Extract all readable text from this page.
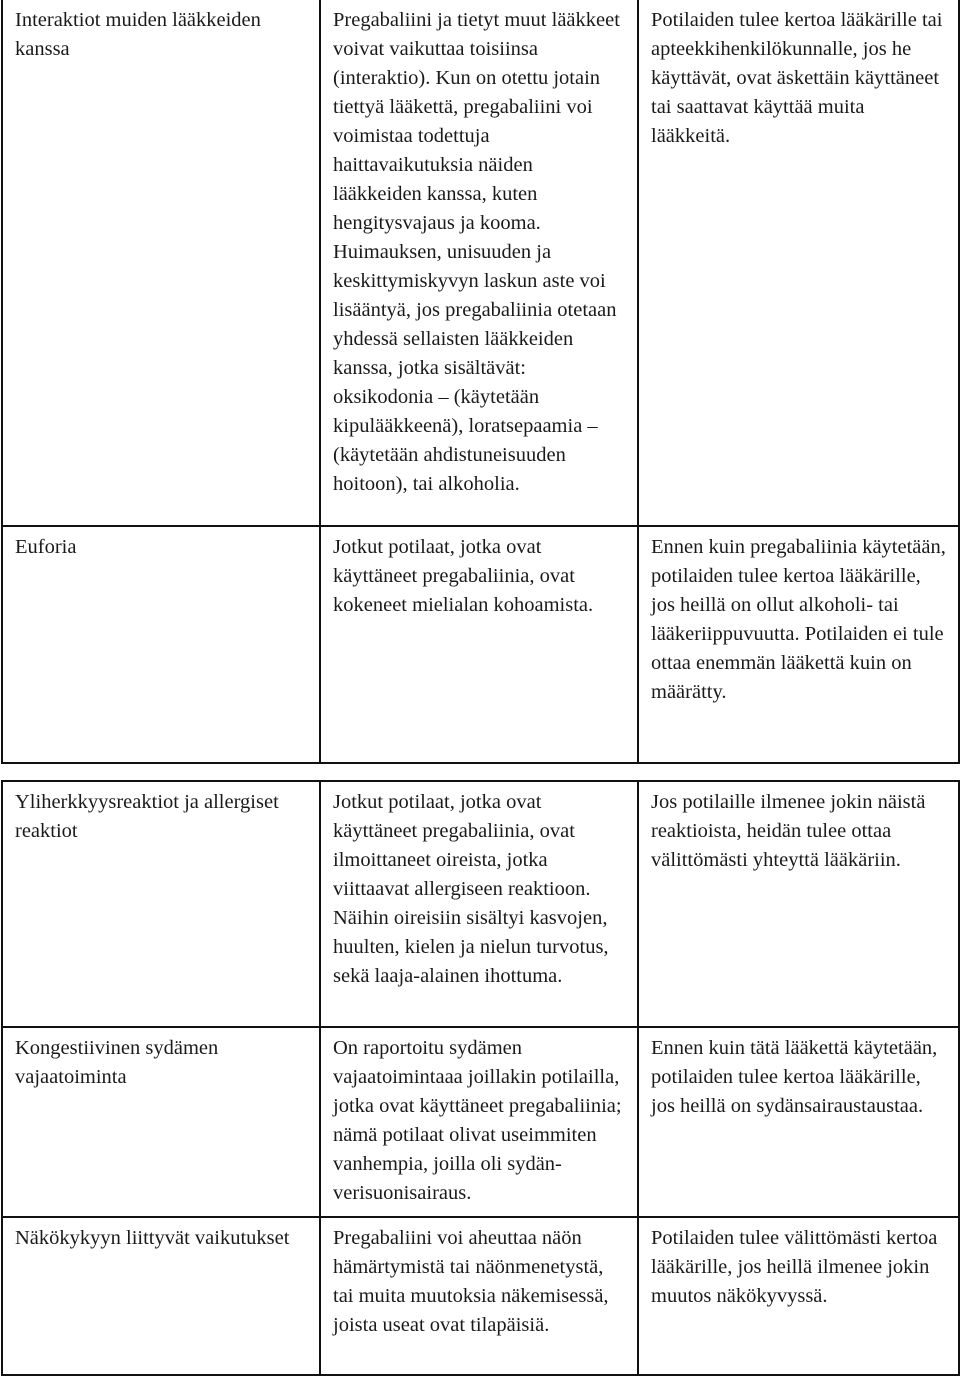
Interaktiot muiden lääkkeiden kanssa	Pregabaliini ja tietyt muut lääkkeet voivat vaikuttaa toisiinsa (interaktio). Kun on otettu jotain tiettyä lääkettä, pregabaliini voi voimistaa todettuja haittavaikutuksia näiden lääkkeiden kanssa, kuten hengitysvajaus ja kooma. Huimauksen, unisuuden ja keskittymiskyvyn laskun aste voi lisääntyä, jos pregabaliinia otetaan yhdessä sellaisten lääkkeiden kanssa, jotka sisältävät: oksikodonia – (käytetään kipulääkkeenä), loratsepaamia –(käytetään ahdistuneisuuden hoitoon), tai alkoholia.	Potilaiden tulee kertoa lääkärille tai apteekkihenkilökunnalle, jos he käyttävät, ovat äskettäin käyttäneet tai saattavat käyttää muita lääkkeitä.
Euforia	Jotkut potilaat, jotka ovat käyttäneet pregabaliinia, ovat kokeneet mielialan kohoamista.	Ennen kuin pregabaliinia käytetään, potilaiden tulee kertoa lääkärille, jos heillä on ollut alkoholi- tai lääkeriippuvuutta. Potilaiden ei tule ottaa enemmän lääkettä kuin on määrätty.
Yliherkkyysreaktiot ja allergiset reaktiot	Jotkut potilaat, jotka ovat käyttäneet pregabaliinia, ovat ilmoittaneet oireista, jotka viittaavat allergiseen reaktioon. Näihin oireisiin sisältyi kasvojen, huulten, kielen ja nielun turvotus, sekä laaja-alainen ihottuma.	Jos potilaille ilmenee jokin näistä reaktioista, heidän tulee ottaa välittömästi yhteyttä lääkäriin.
Kongestiivinen sydämen vajaatoiminta	On raportoitu sydämen vajaatoimintaaa joillakin potilailla, jotka ovat käyttäneet pregabaliinia; nämä potilaat olivat useimmiten vanhempia, joilla oli sydän-verisuonisairaus.	Ennen kuin tätä lääkettä käytetään, potilaiden tulee kertoa lääkärille, jos heillä on sydänsairaustaustaa.
Näkökykyyn liittyvät vaikutukset	Pregabaliini voi aheuttaa näön hämärtymistä tai näönmenetystä, tai muita muutoksia näkemisessä, joista useat ovat tilapäisiä.	Potilaiden tulee välittömästi kertoa lääkärille, jos heillä ilmenee jokin muutos näkökyvyssä.
